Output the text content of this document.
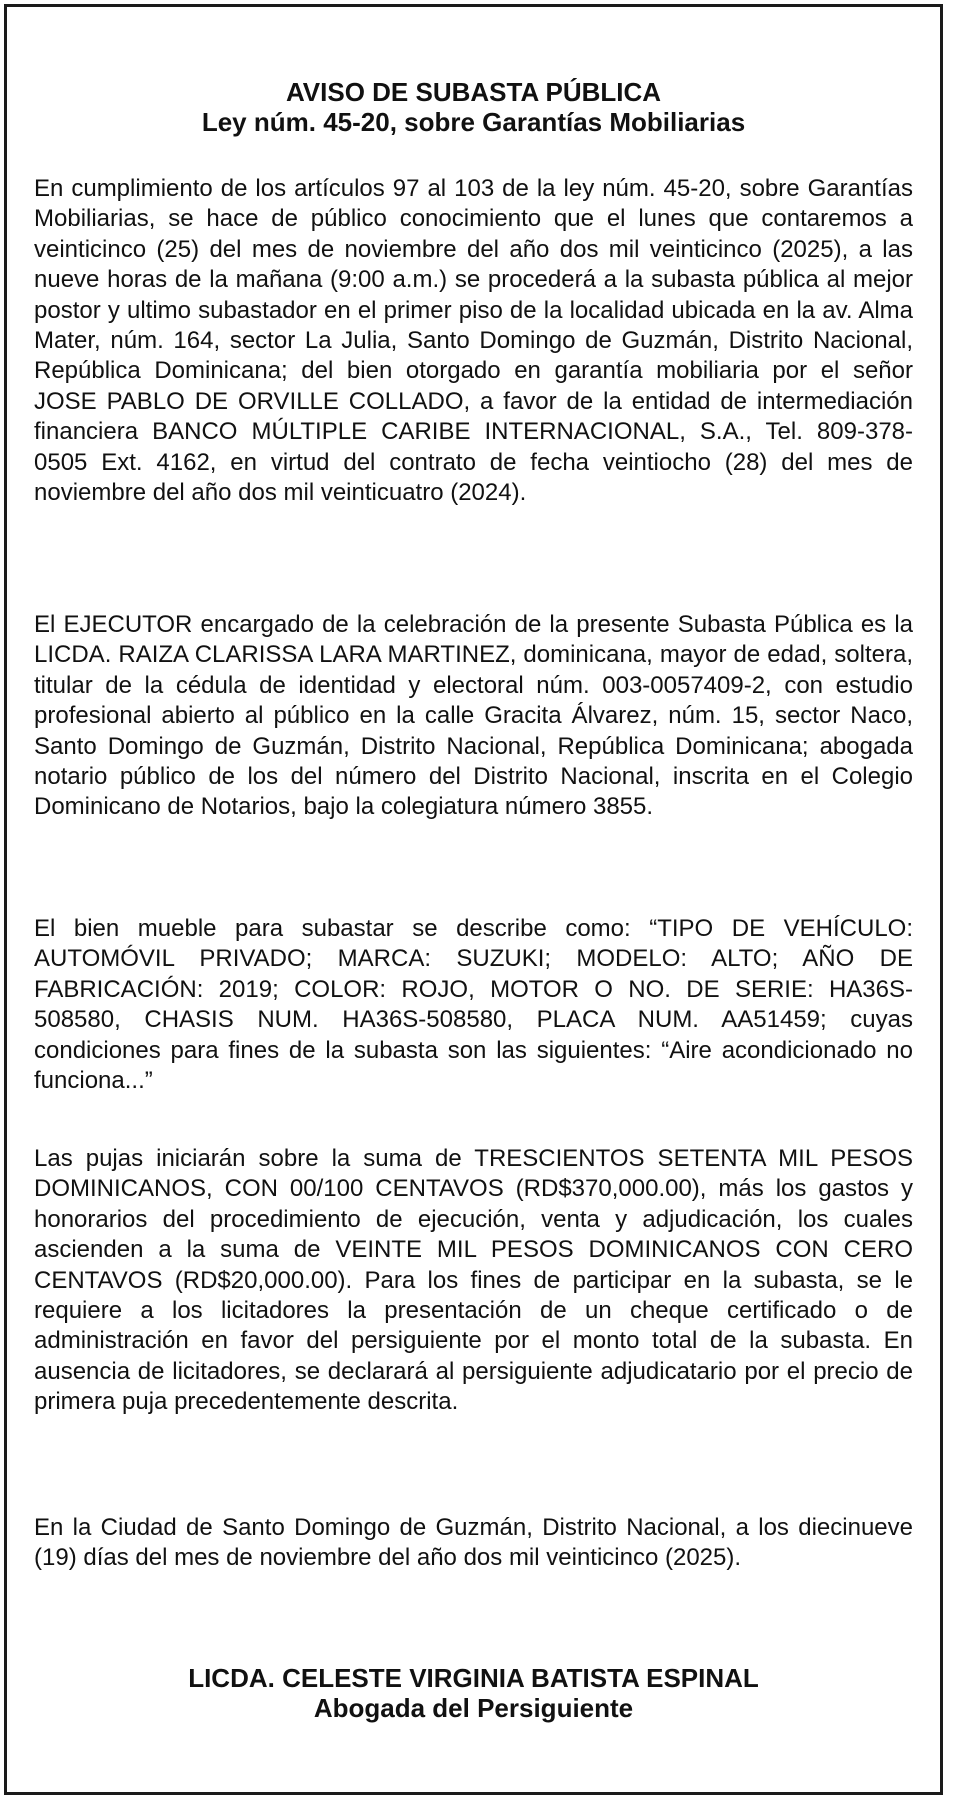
AVISO DE SUBASTA PÚBLICA
Ley núm. 45-20, sobre Garantías Mobiliarias

En cumplimiento de los artículos 97 al 103 de la ley núm. 45-20, sobre Garantías Mobiliarias, se hace de público conocimiento que el lunes que contaremos a veinticinco (25) del mes de noviembre del año dos mil veinticinco (2025), a las nueve horas de la mañana (9:00 a.m.) se procederá a la subasta pública al mejor postor y ultimo subastador en el primer piso de la localidad ubicada en la av. Alma Mater, núm. 164, sector La Julia, Santo Domingo de Guzmán, Distrito Nacional, República Dominicana; del bien otorgado en garantía mobiliaria por el señor JOSE PABLO DE ORVILLE COLLADO, a favor de la entidad de intermediación financiera BANCO MÚLTIPLE CARIBE INTERNACIONAL, S.A., Tel. 809-378-0505 Ext. 4162, en virtud del contrato de fecha veintiocho (28) del mes de noviembre del año dos mil veinticuatro (2024).

El EJECUTOR encargado de la celebración de la presente Subasta Pública es la LICDA. RAIZA CLARISSA LARA MARTINEZ, dominicana, mayor de edad, soltera, titular de la cédula de identidad y electoral núm. 003-0057409-2, con estudio profesional abierto al público en la calle Gracita Álvarez, núm. 15, sector Naco, Santo Domingo de Guzmán, Distrito Nacional, República Dominicana; abogada notario público de los del número del Distrito Nacional, inscrita en el Colegio Dominicano de Notarios, bajo la colegiatura número 3855.

El bien mueble para subastar se describe como: “TIPO DE VEHÍCULO: AUTOMÓVIL PRIVADO; MARCA: SUZUKI; MODELO: ALTO; AÑO DE FABRICACIÓN: 2019; COLOR: ROJO, MOTOR O NO. DE SERIE: HA36S-508580, CHASIS NUM. HA36S-508580, PLACA NUM. AA51459; cuyas condiciones para fines de la subasta son las siguientes: “Aire acondicionado no funciona...”

Las pujas iniciarán sobre la suma de TRESCIENTOS SETENTA MIL PESOS DOMINICANOS, CON 00/100 CENTAVOS (RD$370,000.00), más los gastos y honorarios del procedimiento de ejecución, venta y adjudicación, los cuales ascienden a la suma de VEINTE MIL PESOS DOMINICANOS CON CERO CENTAVOS (RD$20,000.00). Para los fines de participar en la subasta, se le requiere a los licitadores la presentación de un cheque certificado o de administración en favor del persiguiente por el monto total de la subasta. En ausencia de licitadores, se declarará al persiguiente adjudicatario por el precio de primera puja precedentemente descrita.

En la Ciudad de Santo Domingo de Guzmán, Distrito Nacional, a los diecinueve (19) días del mes de noviembre del año dos mil veinticinco (2025).

LICDA. CELESTE VIRGINIA BATISTA ESPINAL
Abogada del Persiguiente
